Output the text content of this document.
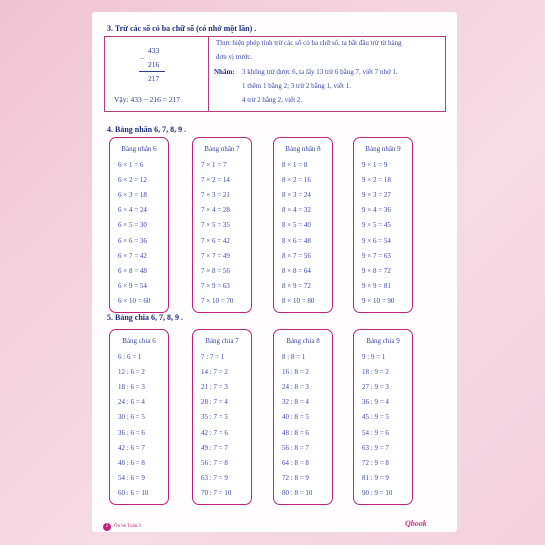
3. Trừ các số có ba chữ số (có nhớ một lần) .
433
−
216
217
Vậy: 433 − 216 = 217
Thực hiện phép tính trừ các số có ba chữ số, ta bắt đầu trừ từ hàng
đơn vị trước.
Nhẩm: 3 không trừ được 6, ta lấy 13 trừ 6 bằng 7, viết 7 nhớ 1.
1 thêm 1 bằng 2; 3 trừ 2 bằng 1, viết 1.
4 trừ 2 bằng 2, viết 2.
4. Bảng nhân 6, 7, 8, 9 .
Bảng nhân 6
6 × 1 = 6
6 × 2 = 12
6 × 3 = 18
6 × 4 = 24
6 × 5 = 30
6 × 6 = 36
6 × 7 = 42
6 × 8 = 48
6 × 9 = 54
6 × 10 = 60
Bảng nhân 7
7 × 1 = 7
7 × 2 = 14
7 × 3 = 21
7 × 4 = 28
7 × 5 = 35
7 × 6 = 42
7 × 7 = 49
7 × 8 = 56
7 × 9 = 63
7 × 10 = 70
Bảng nhân 8
8 × 1 = 8
8 × 2 = 16
8 × 3 = 24
8 × 4 = 32
8 × 5 = 40
8 × 6 = 48
8 × 7 = 56
8 × 8 = 64
8 × 9 = 72
8 × 10 = 80
Bảng nhân 9
9 × 1 = 9
9 × 2 = 18
9 × 3 = 27
9 × 4 = 36
9 × 5 = 45
9 × 6 = 54
9 × 7 = 63
9 × 8 = 72
9 × 9 = 81
9 × 10 = 90
5. Bảng chia 6, 7, 8, 9 .
Bảng chia 6
6 : 6 = 1
12 : 6 = 2
18 : 6 = 3
24 : 6 = 4
30 : 6 = 5
36 : 6 = 6
42 : 6 = 7
48 : 6 = 8
54 : 6 = 9
60 : 6 = 10
Bảng chia 7
7 : 7 = 1
14 : 7 = 2
21 : 7 = 3
28 : 7 = 4
35 : 7 = 5
42 : 7 = 6
49 : 7 = 7
56 : 7 = 8
63 : 7 = 9
70 : 7 = 10
Bảng chia 8
8 : 8 = 1
16 : 8 = 2
24 : 8 = 3
32 : 8 = 4
40 : 8 = 5
48 : 8 = 6
56 : 8 = 7
64 : 8 = 8
72 : 8 = 9
80 : 8 = 10
Bảng chia 9
9 : 9 = 1
18 : 9 = 2
27 : 9 = 3
36 : 9 = 4
45 : 9 = 5
54 : 9 = 6
63 : 9 = 7
72 : 9 = 8
81 : 9 = 9
90 : 9 = 10
2	Ôn hè Toán 3	Qbook
